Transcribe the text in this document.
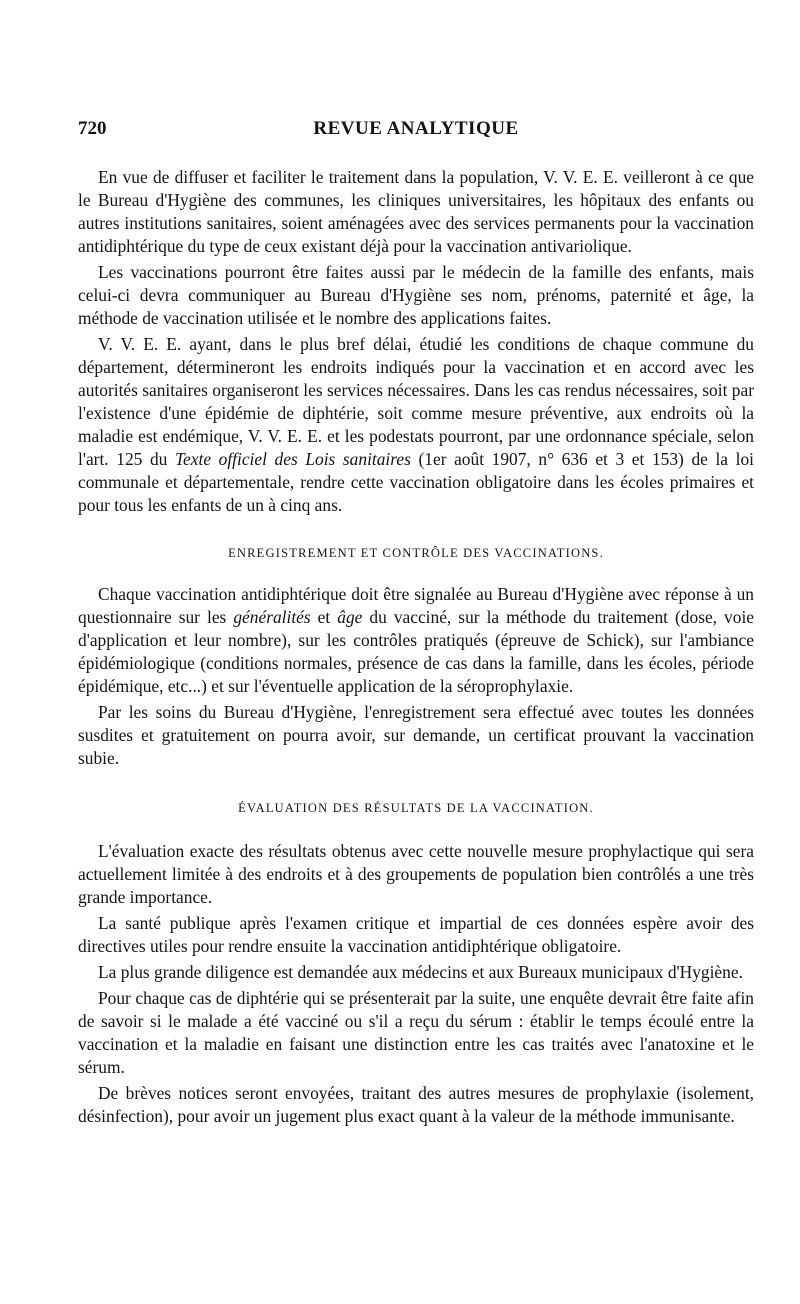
720	REVUE ANALYTIQUE

En vue de diffuser et faciliter le traitement dans la population, V. V. E. E. veilleront à ce que le Bureau d'Hygiène des communes, les cliniques universitaires, les hôpitaux des enfants ou autres institutions sanitaires, soient aménagées avec des services permanents pour la vaccination antidiphtérique du type de ceux existant déjà pour la vaccination antivariolique.

Les vaccinations pourront être faites aussi par le médecin de la famille des enfants, mais celui-ci devra communiquer au Bureau d'Hygiène ses nom, prénoms, paternité et âge, la méthode de vaccination utilisée et le nombre des applications faites.

V. V. E. E. ayant, dans le plus bref délai, étudié les conditions de chaque commune du département, détermineront les endroits indiqués pour la vaccination et en accord avec les autorités sanitaires organiseront les services nécessaires. Dans les cas rendus nécessaires, soit par l'existence d'une épidémie de diphtérie, soit comme mesure préventive, aux endroits où la maladie est endémique, V. V. E. E. et les podestats pourront, par une ordonnance spéciale, selon l'art. 125 du Texte officiel des Lois sanitaires (1er août 1907, n° 636 et 3 et 153) de la loi communale et départementale, rendre cette vaccination obligatoire dans les écoles primaires et pour tous les enfants de un à cinq ans.

ENREGISTREMENT ET CONTRÔLE DES VACCINATIONS.

Chaque vaccination antidiphtérique doit être signalée au Bureau d'Hygiène avec réponse à un questionnaire sur les généralités et âge du vacciné, sur la méthode du traitement (dose, voie d'application et leur nombre), sur les contrôles pratiqués (épreuve de Schick), sur l'ambiance épidémiologique (conditions normales, présence de cas dans la famille, dans les écoles, période épidémique, etc...) et sur l'éventuelle application de la séroprophylaxie.

Par les soins du Bureau d'Hygiène, l'enregistrement sera effectué avec toutes les données susdites et gratuitement on pourra avoir, sur demande, un certificat prouvant la vaccination subie.

ÉVALUATION DES RÉSULTATS DE LA VACCINATION.

L'évaluation exacte des résultats obtenus avec cette nouvelle mesure prophylactique qui sera actuellement limitée à des endroits et à des groupements de population bien contrôlés a une très grande importance.

La santé publique après l'examen critique et impartial de ces données espère avoir des directives utiles pour rendre ensuite la vaccination antidiphtérique obligatoire.

La plus grande diligence est demandée aux médecins et aux Bureaux municipaux d'Hygiène.

Pour chaque cas de diphtérie qui se présenterait par la suite, une enquête devrait être faite afin de savoir si le malade a été vacciné ou s'il a reçu du sérum : établir le temps écoulé entre la vaccination et la maladie en faisant une distinction entre les cas traités avec l'anatoxine et le sérum.

De brèves notices seront envoyées, traitant des autres mesures de prophylaxie (isolement, désinfection), pour avoir un jugement plus exact quant à la valeur de la méthode immunisante.
